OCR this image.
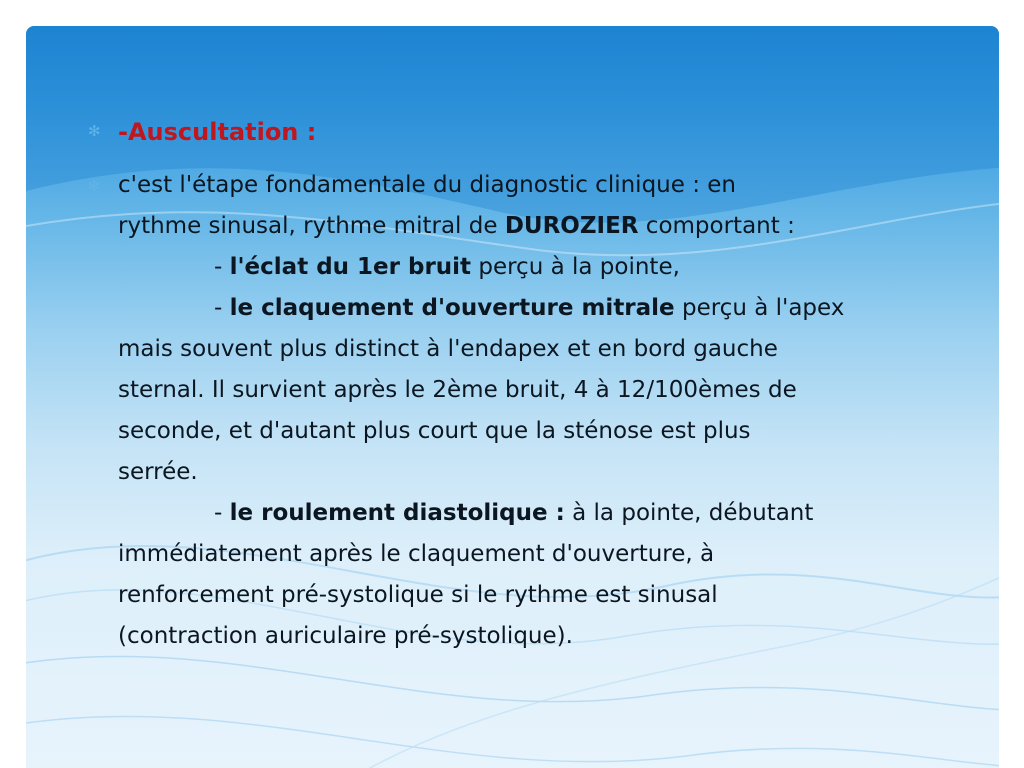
✻ -Auscultation :
✻ c'est l'étape fondamentale du diagnostic clinique : en
rythme sinusal, rythme mitral de DUROZIER comportant :
- l'éclat du 1er bruit perçu à la pointe,
- le claquement d'ouverture mitrale perçu à l'apex
mais souvent plus distinct à l'endapex et en bord gauche
sternal. Il survient après le 2ème bruit, 4 à 12/100èmes de
seconde, et d'autant plus court que la sténose est plus
serrée.
- le roulement diastolique : à la pointe, débutant
immédiatement après le claquement d'ouverture, à
renforcement pré-systolique si le rythme est sinusal
(contraction auriculaire pré-systolique).
